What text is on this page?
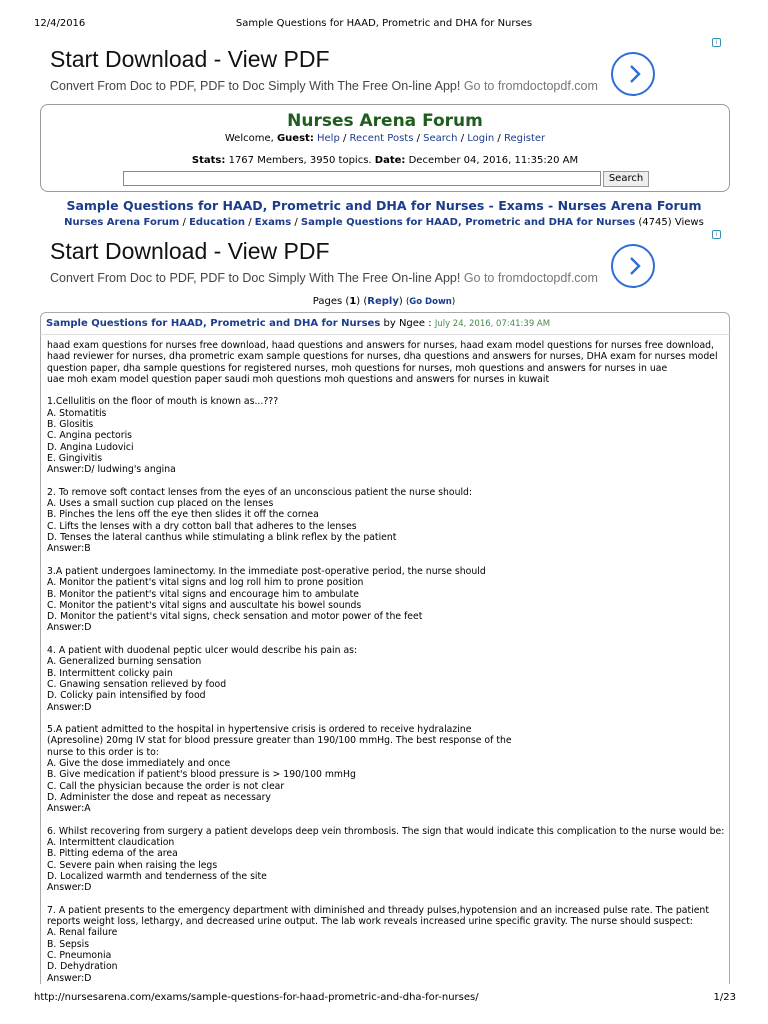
12/4/2016	Sample Questions for HAAD, Prometric and DHA for Nurses
Start Download - View PDF
Convert From Doc to PDF, PDF to Doc Simply With The Free On-line App! Go to fromdoctopdf.com
i
Nurses Arena Forum
Welcome, Guest: Help / Recent Posts / Search / Login / Register
Stats: 1767 Members, 3950 topics. Date: December 04, 2016, 11:35:20 AM
Search
Sample Questions for HAAD, Prometric and DHA for Nurses - Exams - Nurses Arena Forum
Nurses Arena Forum / Education / Exams / Sample Questions for HAAD, Prometric and DHA for Nurses (4745) Views
Start Download - View PDF
Convert From Doc to PDF, PDF to Doc Simply With The Free On-line App! Go to fromdoctopdf.com
i
Pages (1) (Reply) (Go Down)
Sample Questions for HAAD, Prometric and DHA for Nurses by Ngee : July 24, 2016, 07:41:39 AM
haad exam questions for nurses free download, haad questions and answers for nurses, haad exam model questions for nurses free download,
haad reviewer for nurses, dha prometric exam sample questions for nurses, dha questions and answers for nurses, DHA exam for nurses model
question paper, dha sample questions for registered nurses, moh questions for nurses, moh questions and answers for nurses in uae
uae moh exam model question paper saudi moh questions moh questions and answers for nurses in kuwait
1.Cellulitis on the floor of mouth is known as...???
A. Stomatitis
B. Glositis
C. Angina pectoris
D. Angina Ludovici
E. Gingivitis
Answer:D/ ludwing's angina
2. To remove soft contact lenses from the eyes of an unconscious patient the nurse should:
A. Uses a small suction cup placed on the lenses
B. Pinches the lens off the eye then slides it off the cornea
C. Lifts the lenses with a dry cotton ball that adheres to the lenses
D. Tenses the lateral canthus while stimulating a blink reflex by the patient
Answer:B
3.A patient undergoes laminectomy. In the immediate post-operative period, the nurse should
A. Monitor the patient's vital signs and log roll him to prone position
B. Monitor the patient's vital signs and encourage him to ambulate
C. Monitor the patient's vital signs and auscultate his bowel sounds
D. Monitor the patient's vital signs, check sensation and motor power of the feet
Answer:D
4. A patient with duodenal peptic ulcer would describe his pain as:
A. Generalized burning sensation
B. Intermittent colicky pain
C. Gnawing sensation relieved by food
D. Colicky pain intensified by food
Answer:D
5.A patient admitted to the hospital in hypertensive crisis is ordered to receive hydralazine
(Apresoline) 20mg IV stat for blood pressure greater than 190/100 mmHg. The best response of the
nurse to this order is to:
A. Give the dose immediately and once
B. Give medication if patient's blood pressure is > 190/100 mmHg
C. Call the physician because the order is not clear
D. Administer the dose and repeat as necessary
Answer:A
6. Whilst recovering from surgery a patient develops deep vein thrombosis. The sign that would indicate this complication to the nurse would be:
A. Intermittent claudication
B. Pitting edema of the area
C. Severe pain when raising the legs
D. Localized warmth and tenderness of the site
Answer:D
7. A patient presents to the emergency department with diminished and thready pulses,hypotension and an increased pulse rate. The patient
reports weight loss, lethargy, and decreased urine output. The lab work reveals increased urine specific gravity. The nurse should suspect:
A. Renal failure
B. Sepsis
C. Pneumonia
D. Dehydration
Answer:D
http://nursesarena.com/exams/sample-questions-for-haad-prometric-and-dha-for-nurses/	1/23
